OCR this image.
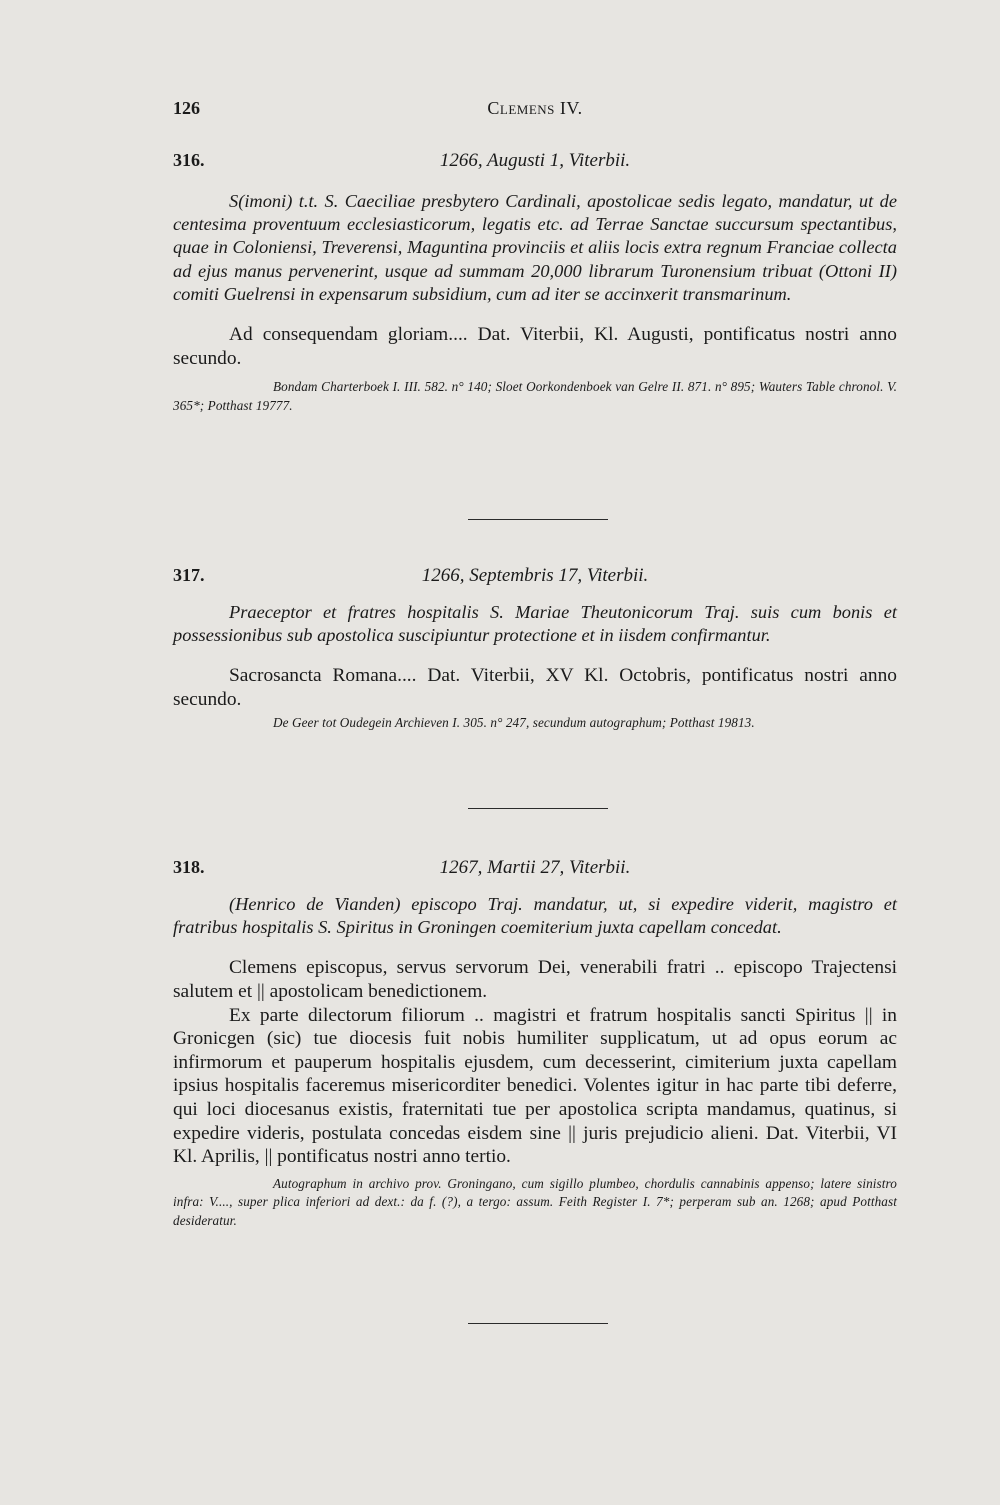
126	Clemens IV.
316.	1266, Augusti 1, Viterbii.

S(imoni) t.t. S. Caeciliae presbytero Cardinali, apostolicae sedis legato, mandatur, ut de centesima proventuum ecclesiasticorum, legatis etc. ad Terrae Sanctae succursum spectantibus, quae in Coloniensi, Treverensi, Maguntina provinciis et aliis locis extra regnum Franciae collecta ad ejus manus pervenerint, usque ad summam 20,000 librarum Turonensium tribuat (Ottoni II) comiti Guelrensi in expensarum subsidium, cum ad iter se accinxerit transmarinum.

Ad consequendam gloriam.... Dat. Viterbii, Kl. Augusti, pontificatus nostri anno secundo.

Bondam Charterboek I. III. 582. n° 140; Sloet Oorkondenboek van Gelre II. 871. n° 895; Wauters Table chronol. V. 365*; Potthast 19777.

317.	1266, Septembris 17, Viterbii.

Praeceptor et fratres hospitalis S. Mariae Theutonicorum Traj. suis cum bonis et possessionibus sub apostolica suscipiuntur protectione et in iisdem confirmantur.

Sacrosancta Romana.... Dat. Viterbii, XV Kl. Octobris, pontificatus nostri anno secundo.

De Geer tot Oudegein Archieven I. 305. n° 247, secundum autographum; Potthast 19813.

318.	1267, Martii 27, Viterbii.

(Henrico de Vianden) episcopo Traj. mandatur, ut, si expedire viderit, magistro et fratribus hospitalis S. Spiritus in Groningen coemiterium juxta capellam concedat.

Clemens episcopus, servus servorum Dei, venerabili fratri .. episcopo Trajectensi salutem et || apostolicam benedictionem.

Ex parte dilectorum filiorum .. magistri et fratrum hospitalis sancti Spiritus || in Gronicgen (sic) tue diocesis fuit nobis humiliter supplicatum, ut ad opus eorum ac infirmorum et pauperum hospitalis ejusdem, cum decesserint, cimiterium juxta capellam ipsius hospitalis faceremus misericorditer benedici. Volentes igitur in hac parte tibi deferre, qui loci diocesanus existis, fraternitati tue per apostolica scripta mandamus, quatinus, si expedire videris, postulata concedas eisdem sine || juris prejudicio alieni. Dat. Viterbii, VI Kl. Aprilis, || pontificatus nostri anno tertio.

Autographum in archivo prov. Groningano, cum sigillo plumbeo, chordulis cannabinis appenso; latere sinistro infra: V...., super plica inferiori ad dext.: da f. (?), a tergo: assum. Feith Register I. 7*; perperam sub an. 1268; apud Potthast desideratur.
